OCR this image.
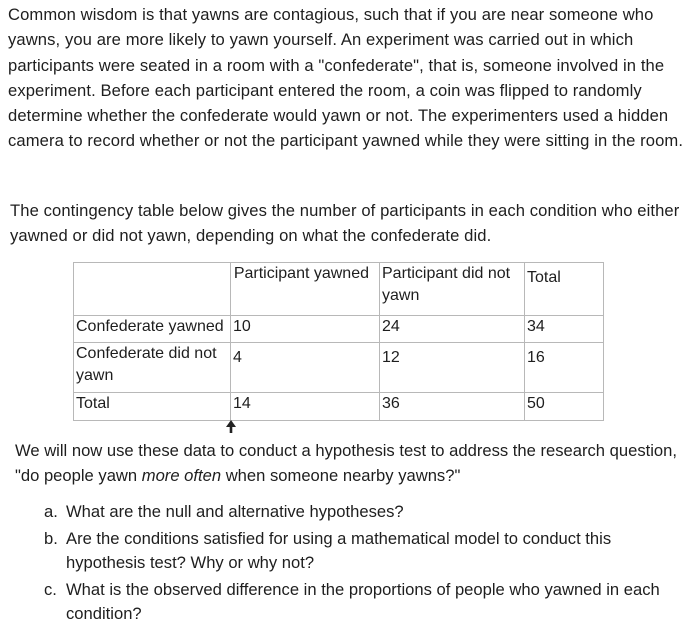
Common wisdom is that yawns are contagious, such that if you are near someone who yawns, you are more likely to yawn yourself. An experiment was carried out in which participants were seated in a room with a "confederate", that is, someone involved in the experiment. Before each participant entered the room, a coin was flipped to randomly determine whether the confederate would yawn or not. The experimenters used a hidden camera to record whether or not the participant yawned while they were sitting in the room.
The contingency table below gives the number of participants in each condition who either yawned or did not yawn, depending on what the confederate did.
	Participant yawned	Participant did not yawn	Total

Confederate yawned	10	24	34
Confederate did not yawn	4	12	16

Total	14	36	50
We will now use these data to conduct a hypothesis test to address the research question, "do people yawn more often when someone nearby yawns?"
a. What are the null and alternative hypotheses?
b. Are the conditions satisfied for using a mathematical model to conduct this hypothesis test? Why or why not?
c. What is the observed difference in the proportions of people who yawned in each condition?
